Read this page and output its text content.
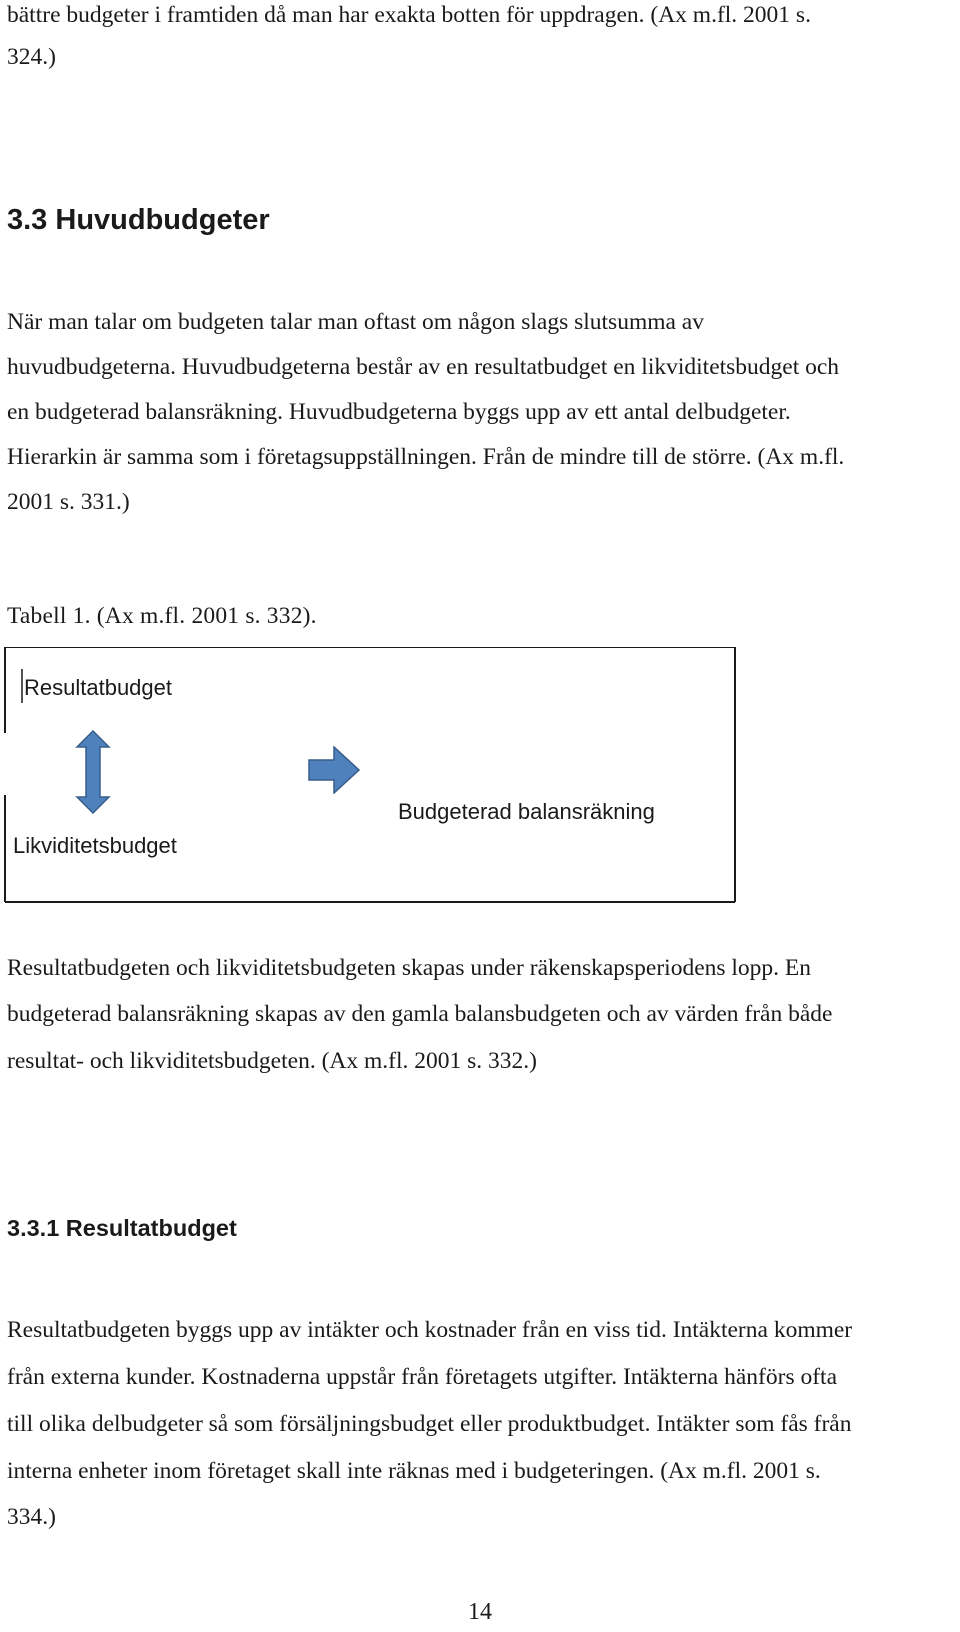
bättre budgeter i framtiden då man har exakta botten för uppdragen. (Ax m.fl. 2001 s.

324.)

3.3 Huvudbudgeter

När man talar om budgeten talar man oftast om någon slags slutsumma av

huvudbudgeterna. Huvudbudgeterna består av en resultatbudget en likviditetsbudget och

en budgeterad balansräkning. Huvudbudgeterna byggs upp av ett antal delbudgeter.

Hierarkin är samma som i företagsuppställningen. Från de mindre till de större. (Ax m.fl.

2001 s. 331.)

Tabell 1. (Ax m.fl. 2001 s. 332).
Resultatbudget
Likviditetsbudget
Budgeterad balansräkning

Resultatbudgeten och likviditetsbudgeten skapas under räkenskapsperiodens lopp. En

budgeterad balansräkning skapas av den gamla balansbudgeten och av värden från både

resultat- och likviditetsbudgeten. (Ax m.fl. 2001 s. 332.)

3.3.1 Resultatbudget

Resultatbudgeten byggs upp av intäkter och kostnader från en viss tid. Intäkterna kommer

från externa kunder. Kostnaderna uppstår från företagets utgifter. Intäkterna hänförs ofta

till olika delbudgeter så som försäljningsbudget eller produktbudget. Intäkter som fås från

interna enheter inom företaget skall inte räknas med i budgeteringen. (Ax m.fl. 2001 s.

334.)

14
